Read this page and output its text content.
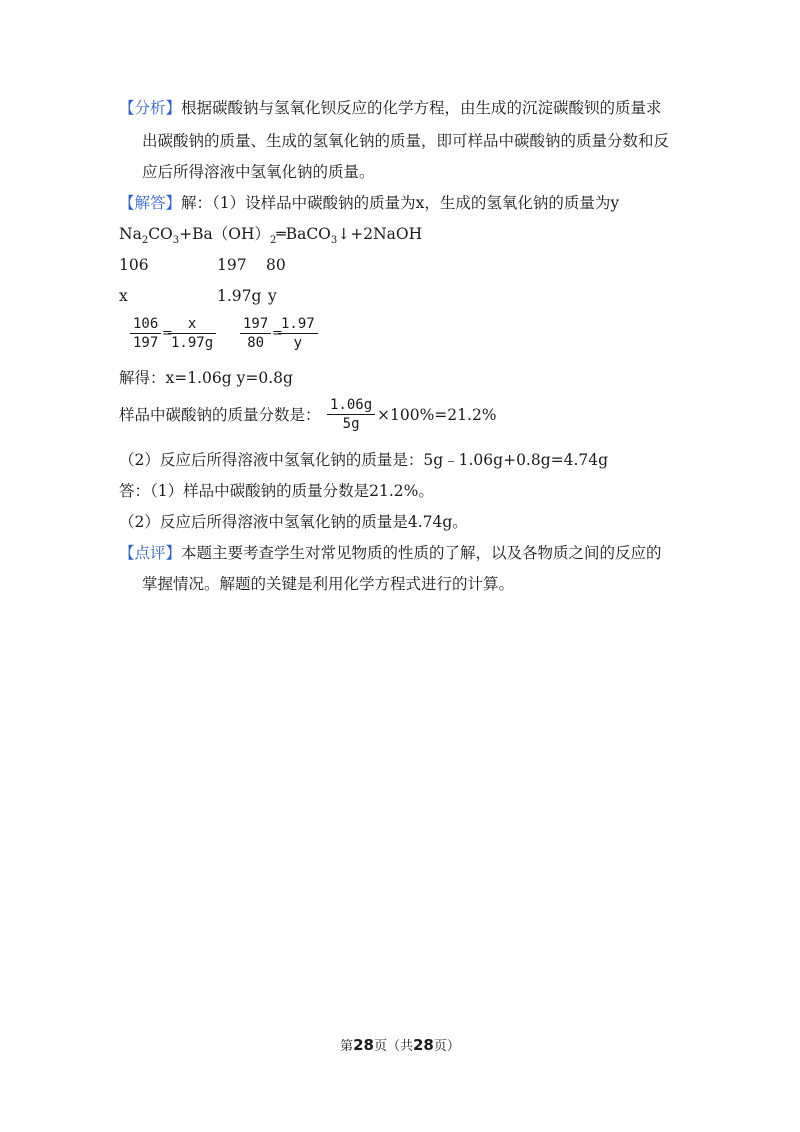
【分析】根据碳酸钠与氢氧化钡反应的化学方程，由生成的沉淀碳酸钡的质量求
出碳酸钠的质量、生成的氢氧化钠的质量，即可样品中碳酸钠的质量分数和反
应后所得溶液中氢氧化钠的质量。
【解答】解：（1）设样品中碳酸钠的质量为x，生成的氢氧化钠的质量为y
$Na_2CO_3+Ba(OH)_2═BaCO_3↓+2NaOH$
106	197 80
x	1.97g y
$\frac{106}{197}$ =
$\frac{x}{1.97g} \frac{197}{80}$ =
$\frac{1.97}{y}$
解得：x=1.06g y=0.8g
样品中碳酸钠的质量分数是： $\frac{1.06g}{5g} \times 100\%=21.2\%$
（2）反应后所得溶液中氢氧化钠的质量是：5g﹣1.06g+0.8g=4.74g
答：（1）样品中碳酸钠的质量分数是21.2%。
（2）反应后所得溶液中氢氧化钠的质量是4.74g。
【点评】本题主要考查学生对常见物质的性质的了解，以及各物质之间的反应的
掌握情况。解题的关键是利用化学方程式进行的计算。
第28页（共28页）
